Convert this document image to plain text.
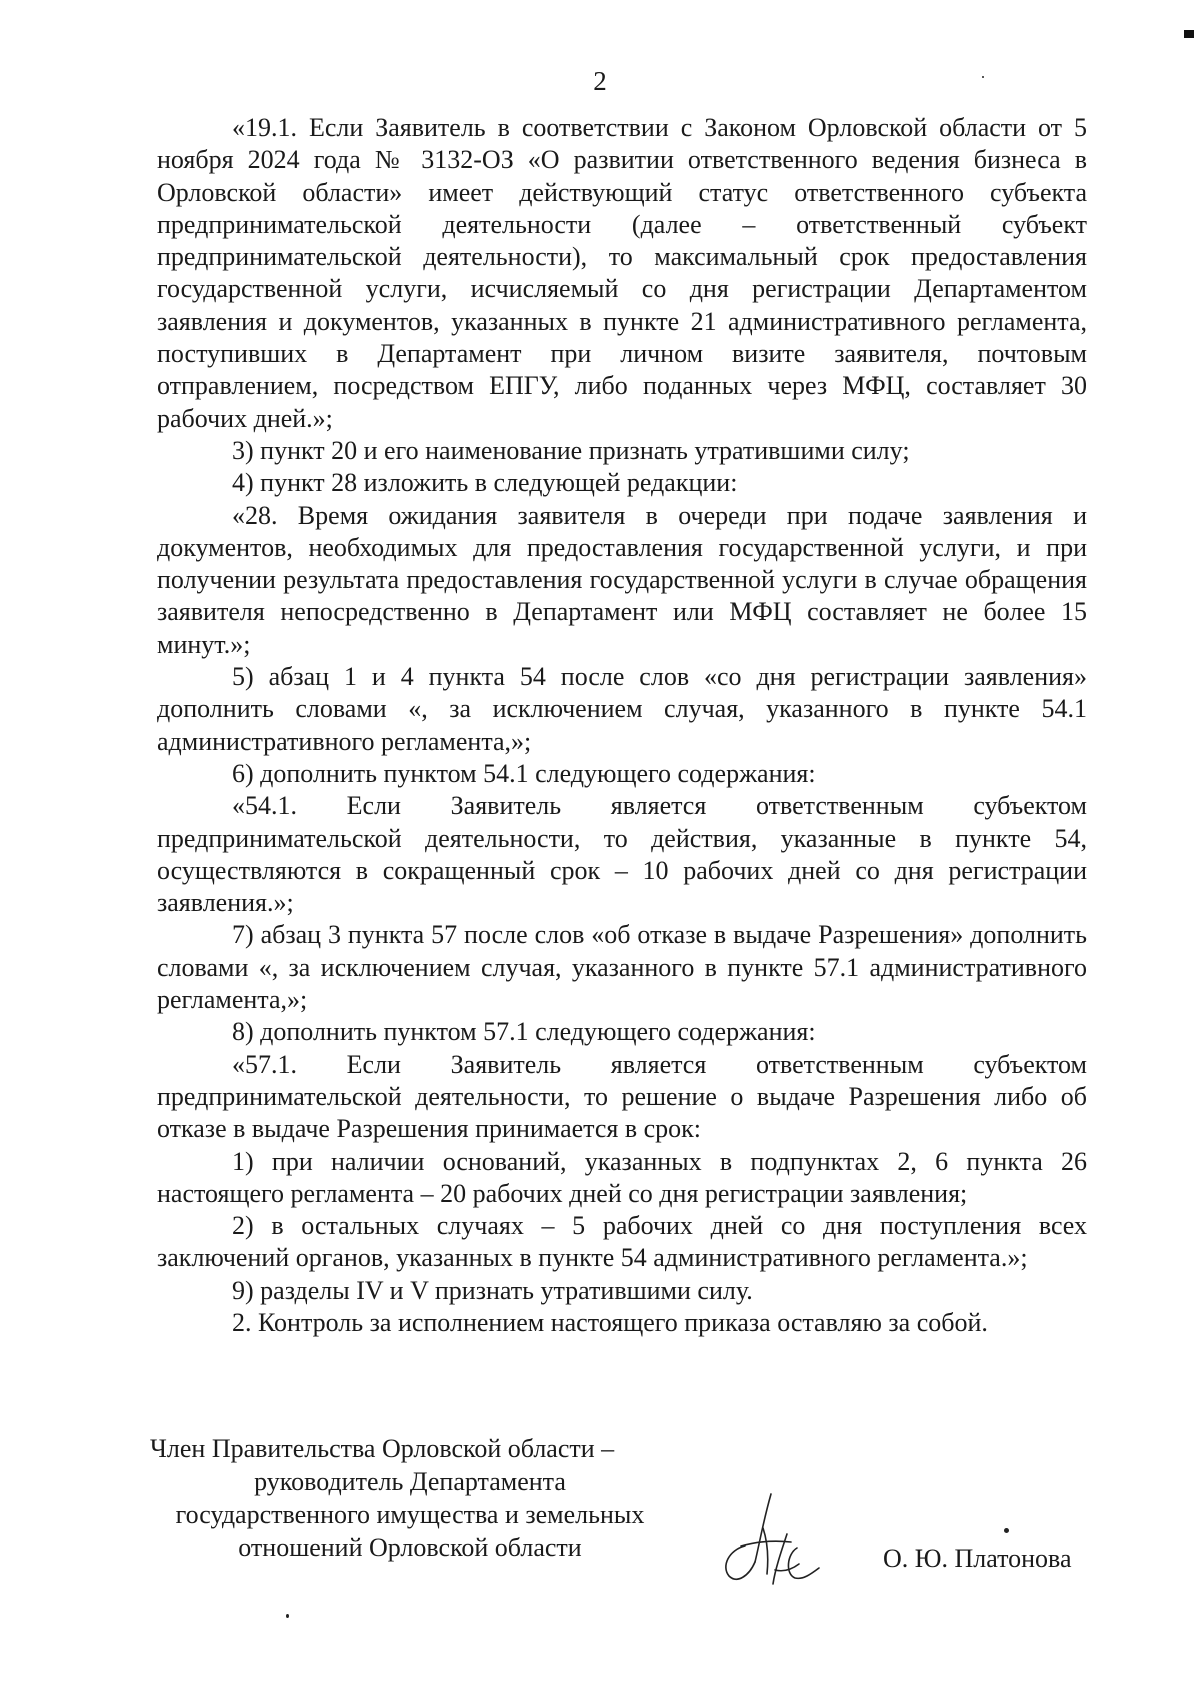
2

«19.1. Если Заявитель в соответствии с Законом Орловской области от 5 ноября 2024 года № 3132-ОЗ «О развитии ответственного ведения бизнеса в Орловской области» имеет действующий статус ответственного субъекта предпринимательской деятельности (далее – ответственный субъект предпринимательской деятельности), то максимальный срок предоставления государственной услуги, исчисляемый со дня регистрации Департаментом заявления и документов, указанных в пункте 21 административного регламента, поступивших в Департамент при личном визите заявителя, почтовым отправлением, посредством ЕПГУ, либо поданных через МФЦ, составляет 30 рабочих дней.»;

3) пункт 20 и его наименование признать утратившими силу;

4) пункт 28 изложить в следующей редакции:

«28. Время ожидания заявителя в очереди при подаче заявления и документов, необходимых для предоставления государственной услуги, и при получении результата предоставления государственной услуги в случае обращения заявителя непосредственно в Департамент или МФЦ составляет не более 15 минут.»;

5) абзац 1 и 4 пункта 54 после слов «со дня регистрации заявления» дополнить словами «, за исключением случая, указанного в пункте 54.1 административного регламента,»;

6) дополнить пунктом 54.1 следующего содержания:

«54.1. Если Заявитель является ответственным субъектом предпринимательской деятельности, то действия, указанные в пункте 54, осуществляются в сокращенный срок – 10 рабочих дней со дня регистрации заявления.»;

7) абзац 3 пункта 57 после слов «об отказе в выдаче Разрешения» дополнить словами «, за исключением случая, указанного в пункте 57.1 административного регламента,»;

8) дополнить пунктом 57.1 следующего содержания:

«57.1. Если Заявитель является ответственным субъектом предпринимательской деятельности, то решение о выдаче Разрешения либо об отказе в выдаче Разрешения принимается в срок:

1) при наличии оснований, указанных в подпунктах 2, 6 пункта 26 настоящего регламента – 20 рабочих дней со дня регистрации заявления;

2) в остальных случаях – 5 рабочих дней со дня поступления всех заключений органов, указанных в пункте 54 административного регламента.»;

9) разделы IV и V признать утратившими силу.

2. Контроль за исполнением настоящего приказа оставляю за собой.

Член Правительства Орловской области –
руководитель Департамента
государственного имущества и земельных
отношений Орловской области	О. Ю. Платонова
